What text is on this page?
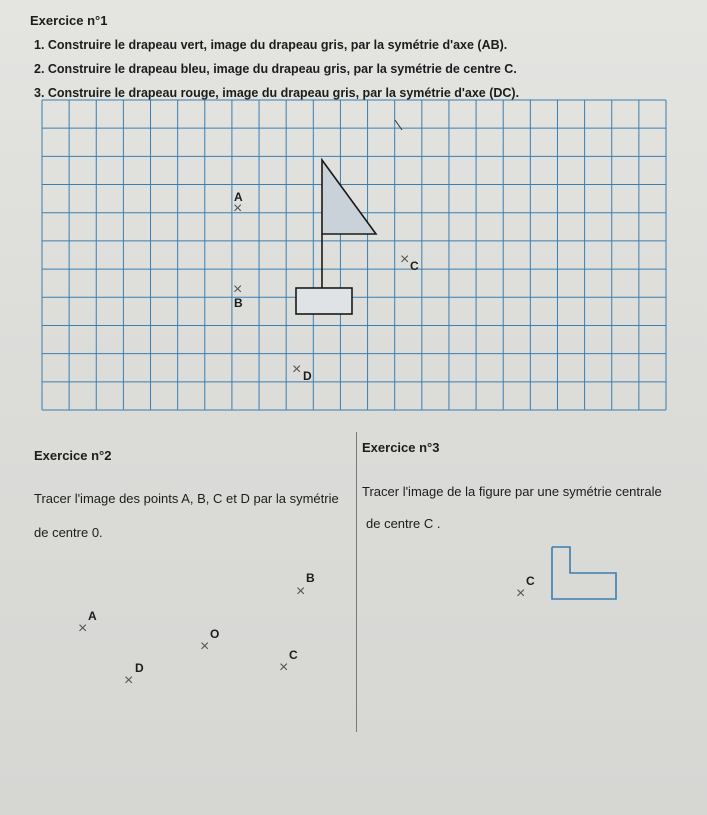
Exercice n°1
1. Construire le drapeau vert, image du drapeau gris, par la symétrie d'axe (AB).
2. Construire le drapeau bleu, image du drapeau gris, par la symétrie de centre C.
3. Construire le drapeau rouge, image du drapeau gris, par la symétrie d'axe (DC).
A
×
×
B
× C
× D
Exercice n°2
Tracer l'image des points A, B, C et D par la symétrie
de centre 0.
B
×
A
×	O
×	C
×
D
×
Exercice n°3
Tracer l'image de la figure par une symétrie centrale
de centre C .
C
×
